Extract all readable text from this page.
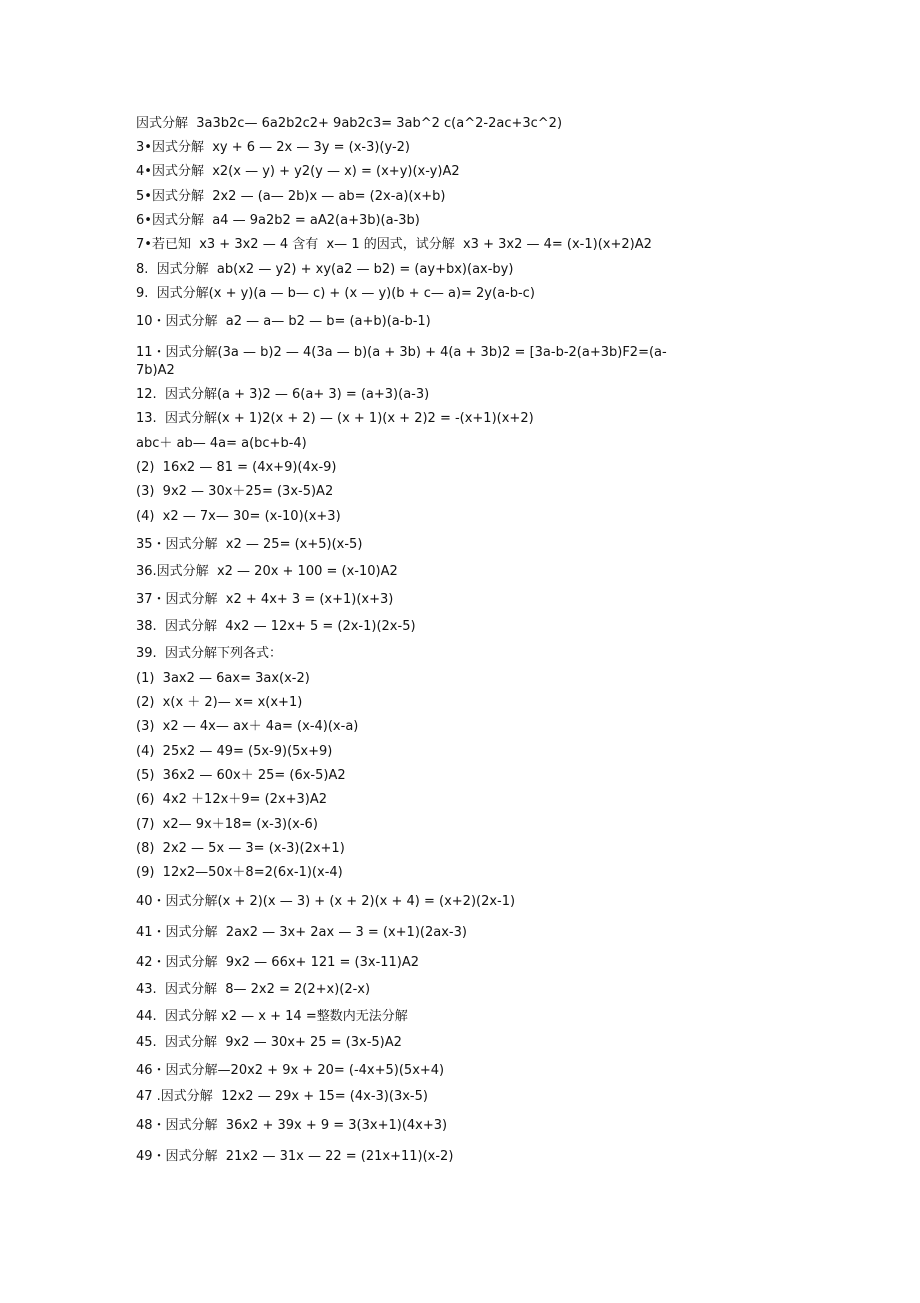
因式分解  3a3b2c— 6a2b2c2+ 9ab2c3= 3ab^2 c(a^2-2ac+3c^2)
3•因式分解  xy + 6 — 2x — 3y = (x-3)(y-2)
4•因式分解  x2(x — y) + y2(y — x) = (x+y)(x-y)A2
5•因式分解  2x2 — (a— 2b)x — ab= (2x-a)(x+b)
6•因式分解  a4 — 9a2b2 = aA2(a+3b)(a-3b)
7•若已知  x3 + 3x2 — 4 含有  x— 1 的因式，试分解  x3 + 3x2 — 4= (x-1)(x+2)A2
8.  因式分解  ab(x2 — y2) + xy(a2 — b2) = (ay+bx)(ax-by)
9.  因式分解(x + y)(a — b— c) + (x — y)(b + c— a)= 2y(a-b-c)
10・因式分解  a2 — a— b2 — b= (a+b)(a-b-1)
11・因式分解(3a — b)2 — 4(3a — b)(a + 3b) + 4(a + 3b)2 = [3a-b-2(a+3b)F2=(a-7b)A2
12.  因式分解(a + 3)2 — 6(a+ 3) = (a+3)(a-3)
13.  因式分解(x + 1)2(x + 2) — (x + 1)(x + 2)2 = -(x+1)(x+2)
abc＋ ab— 4a= a(bc+b-4)
(2)  16x2 — 81 = (4x+9)(4x-9)
(3)  9x2 — 30x＋25= (3x-5)A2
(4)  x2 — 7x— 30= (x-10)(x+3)
35・因式分解  x2 — 25= (x+5)(x-5)
36.因式分解  x2 — 20x + 100 = (x-10)A2
37・因式分解  x2 + 4x+ 3 = (x+1)(x+3)
38.  因式分解  4x2 — 12x+ 5 = (2x-1)(2x-5)
39.  因式分解下列各式：
(1)  3ax2 — 6ax= 3ax(x-2)
(2)  x(x ＋ 2)— x= x(x+1)
(3)  x2 — 4x— ax＋ 4a= (x-4)(x-a)
(4)  25x2 — 49= (5x-9)(5x+9)
(5)  36x2 — 60x＋ 25= (6x-5)A2
(6)  4x2 ＋12x＋9= (2x+3)A2
(7)  x2— 9x＋18= (x-3)(x-6)
(8)  2x2 — 5x — 3= (x-3)(2x+1)
(9)  12x2—50x＋8=2(6x-1)(x-4)
40・因式分解(x + 2)(x — 3) + (x + 2)(x + 4) = (x+2)(2x-1)
41・因式分解  2ax2 — 3x+ 2ax — 3 = (x+1)(2ax-3)
42・因式分解  9x2 — 66x+ 121 = (3x-11)A2
43.  因式分解  8— 2x2 = 2(2+x)(2-x)
44.  因式分解 x2 — x + 14 =整数内无法分解
45.  因式分解  9x2 — 30x+ 25 = (3x-5)A2
46・因式分解—20x2 + 9x + 20= (-4x+5)(5x+4)
47 .因式分解  12x2 — 29x + 15= (4x-3)(3x-5)
48・因式分解  36x2 + 39x + 9 = 3(3x+1)(4x+3)
49・因式分解  21x2 — 31x — 22 = (21x+11)(x-2)
